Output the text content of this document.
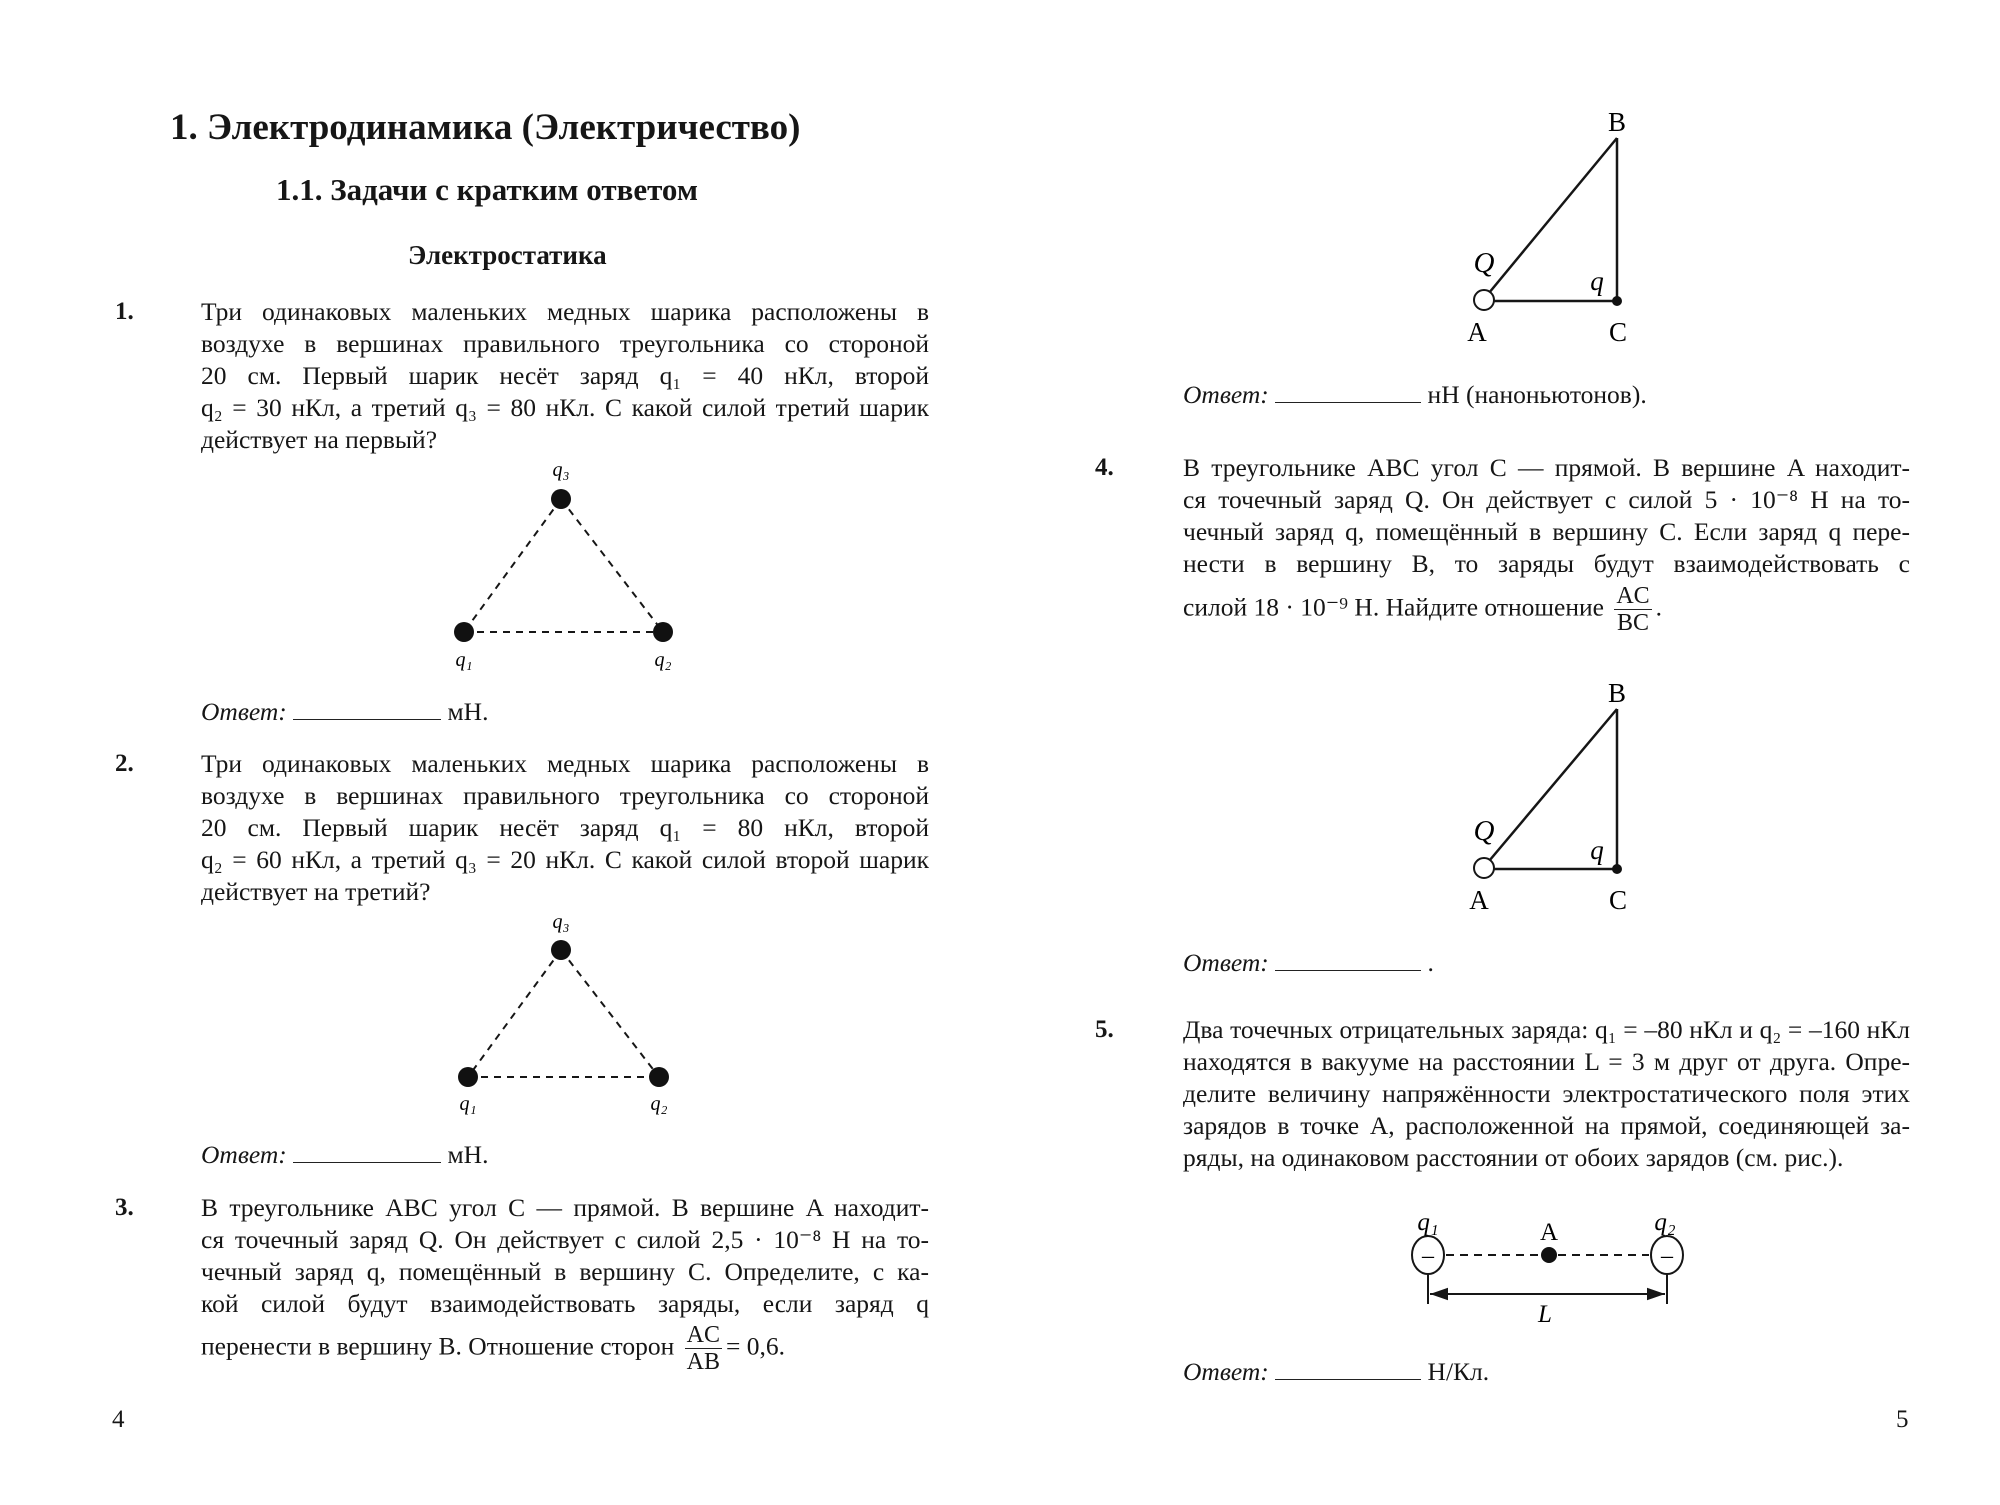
1. Электродинамика (Электричество)
1.1. Задачи с кратким ответом
Электростатика
1.	Три одинаковых маленьких медных шарика расположены в
воздухе в вершинах правильного треугольника со стороной
20 см. Первый шарик несёт заряд q₁ = 40 нКл, второй
q₂ = 30 нКл, а третий q₃ = 80 нКл. С какой силой третий шарик
действует на первый?
Ответ:	мН.
2.	Три одинаковых маленьких медных шарика расположены в
воздухе в вершинах правильного треугольника со стороной
20 см. Первый шарик несёт заряд q₁ = 80 нКл, второй
q₂ = 60 нКл, а третий q₃ = 20 нКл. С какой силой второй шарик
действует на третий?
Ответ:	мН.
3.	В треугольнике ABC угол C — прямой. В вершине A находит-
ся точечный заряд Q. Он действует с силой 2,5 · 10⁻⁸ Н на то-
чечный заряд q, помещённый в вершину C. Определите, с ка-
кой силой будут взаимодействовать заряды, если заряд q
перенести в вершину B. Отношение сторон $\frac{AC}{AB} = 0,6$.
4
Ответ:	нН (наноньютонов).
4.	В треугольнике ABC угол C — прямой. В вершине A находит-
ся точечный заряд Q. Он действует с силой 5 · 10⁻⁸ Н на то-
чечный заряд q, помещённый в вершину C. Если заряд q пере-
нести в вершину B, то заряды будут взаимодействовать с
силой 18 · 10⁻⁹ Н. Найдите отношение $\frac{AC}{BC}$ .
Ответ:	.
5.	Два точечных отрицательных заряда: q₁ = –80 нКл и q₂ = –160 нКл
находятся в вакууме на расстоянии L = 3 м друг от друга. Опре-
делите величину напряжённости электростатического поля этих
зарядов в точке A, расположенной на прямой, соединяющей за-
ряды, на одинаковом расстоянии от обоих зарядов (см. рис.).
Ответ:	Н/Кл.
5
q₃
q₁	q₂
q₃
q₁	q₂
B
Q
q
A	C
B
Q
q
A	C
–	–
q₁	q₂
A
L
